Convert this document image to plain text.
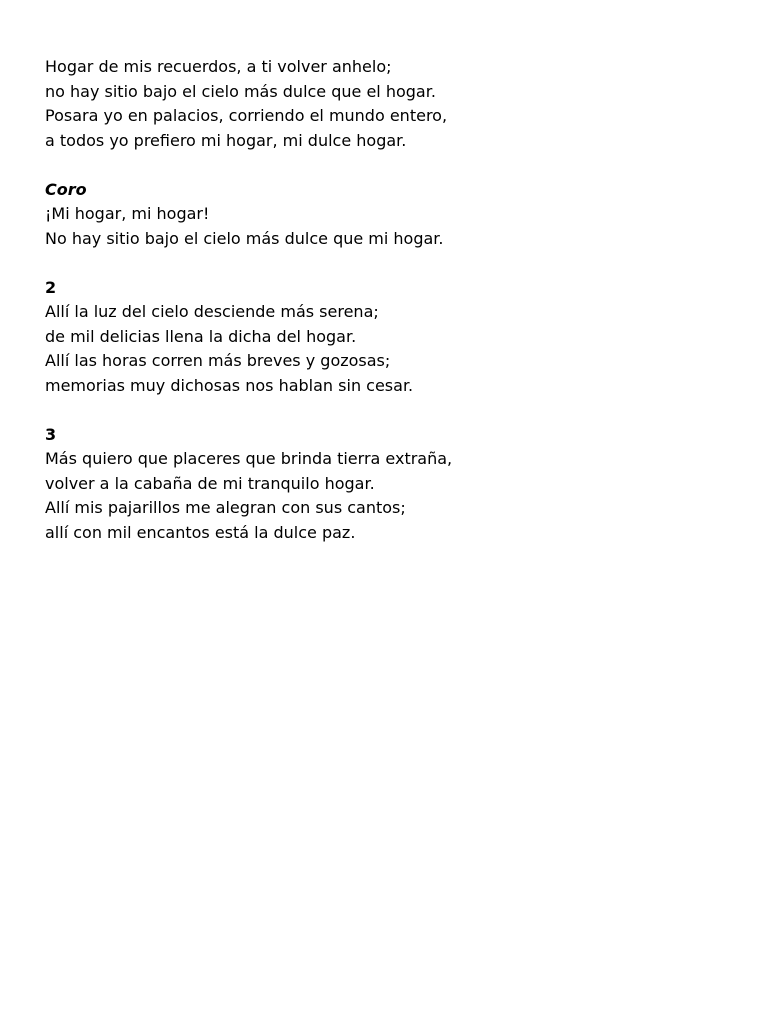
Hogar de mis recuerdos, a ti volver anhelo;
no hay sitio bajo el cielo más dulce que el hogar.
Posara yo en palacios, corriendo el mundo entero,
a todos yo prefiero mi hogar, mi dulce hogar.
Coro
¡Mi hogar, mi hogar!
No hay sitio bajo el cielo más dulce que mi hogar.
2
Allí la luz del cielo desciende más serena;
de mil delicias llena la dicha del hogar.
Allí las horas corren más breves y gozosas;
memorias muy dichosas nos hablan sin cesar.
3
Más quiero que placeres que brinda tierra extraña,
volver a la cabaña de mi tranquilo hogar.
Allí mis pajarillos me alegran con sus cantos;
allí con mil encantos está la dulce paz.
